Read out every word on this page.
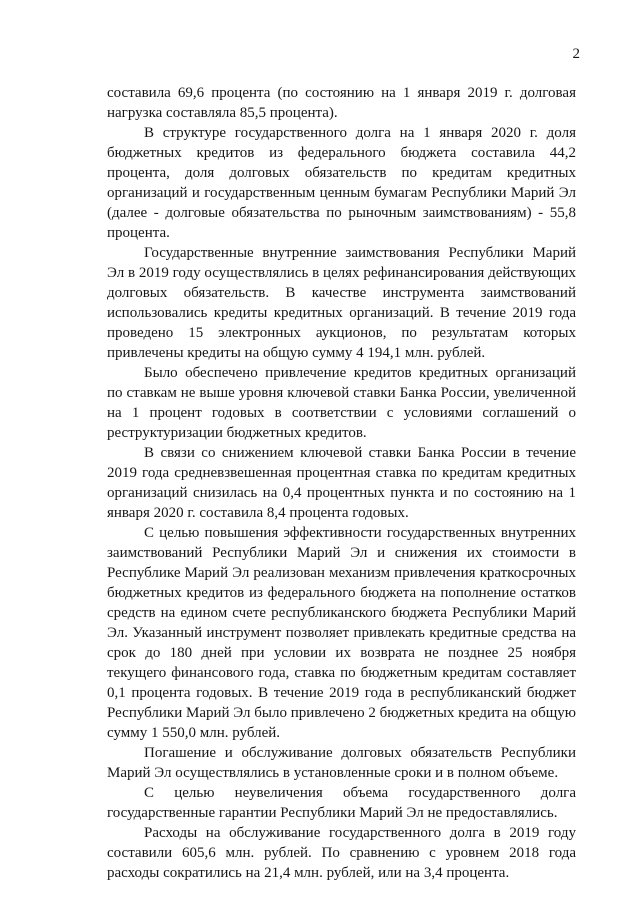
2

составила 69,6 процента (по состоянию на 1 января 2019 г. долговая нагрузка составляла 85,5 процента).

В структуре государственного долга на 1 января 2020 г. доля бюджетных кредитов из федерального бюджета составила 44,2 процента, доля долговых обязательств по кредитам кредитных организаций и государственным ценным бумагам Республики Марий Эл (далее - долговые обязательства по рыночным заимствованиям) - 55,8 процента.

Государственные внутренние заимствования Республики Марий Эл в 2019 году осуществлялись в целях рефинансирования действующих долговых обязательств. В качестве инструмента заимствований использовались кредиты кредитных организаций. В течение 2019 года проведено 15 электронных аукционов, по результатам которых привлечены кредиты на общую сумму 4 194,1 млн. рублей.

Было обеспечено привлечение кредитов кредитных организаций по ставкам не выше уровня ключевой ставки Банка России, увеличенной на 1 процент годовых в соответствии с условиями соглашений о реструктуризации бюджетных кредитов.

В связи со снижением ключевой ставки Банка России в течение 2019 года средневзвешенная процентная ставка по кредитам кредитных организаций снизилась на 0,4 процентных пункта и по состоянию на 1 января 2020 г. составила 8,4 процента годовых.

С целью повышения эффективности государственных внутренних заимствований Республики Марий Эл и снижения их стоимости в Республике Марий Эл реализован механизм привлечения краткосрочных бюджетных кредитов из федерального бюджета на пополнение остатков средств на едином счете республиканского бюджета Республики Марий Эл. Указанный инструмент позволяет привлекать кредитные средства на срок до 180 дней при условии их возврата не позднее 25 ноября текущего финансового года, ставка по бюджетным кредитам составляет 0,1 процента годовых. В течение 2019 года в республиканский бюджет Республики Марий Эл было привлечено 2 бюджетных кредита на общую сумму 1 550,0 млн. рублей.

Погашение и обслуживание долговых обязательств Республики Марий Эл осуществлялись в установленные сроки и в полном объеме.

С целью неувеличения объема государственного долга государственные гарантии Республики Марий Эл не предоставлялись.

Расходы на обслуживание государственного долга в 2019 году составили 605,6 млн. рублей. По сравнению с уровнем 2018 года расходы сократились на 21,4 млн. рублей, или на 3,4 процента.
